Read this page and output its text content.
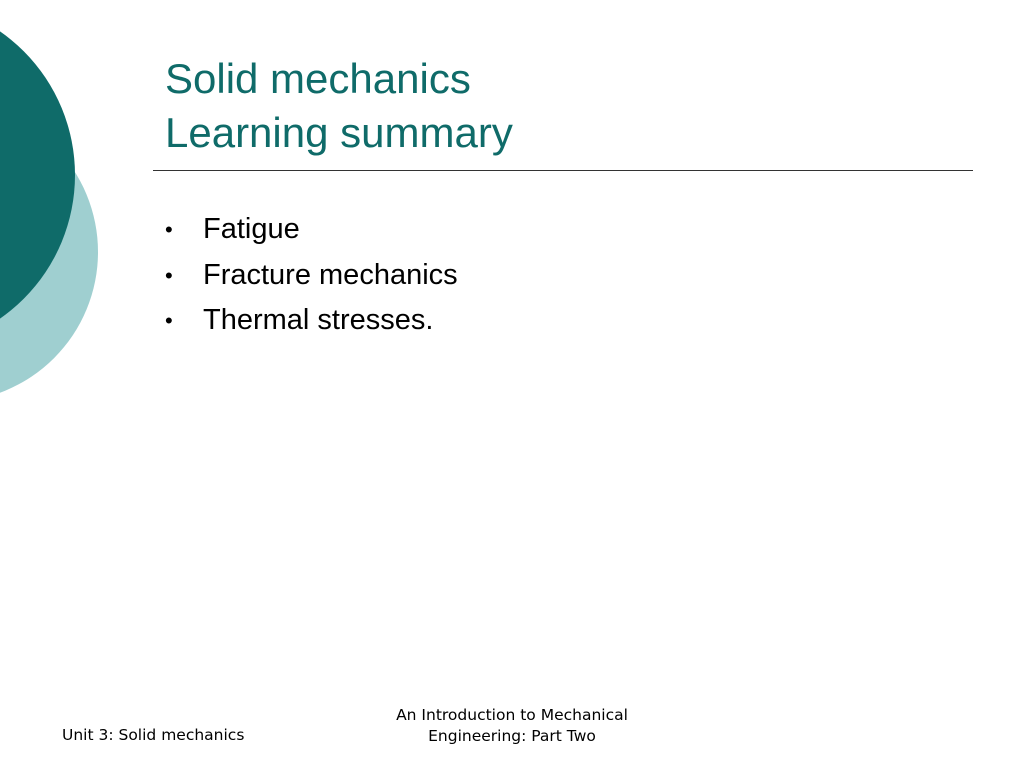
Solid mechanics
Learning summary
• Fatigue
• Fracture mechanics
• Thermal stresses.
Unit 3: Solid mechanics
An Introduction to Mechanical
Engineering: Part Two
